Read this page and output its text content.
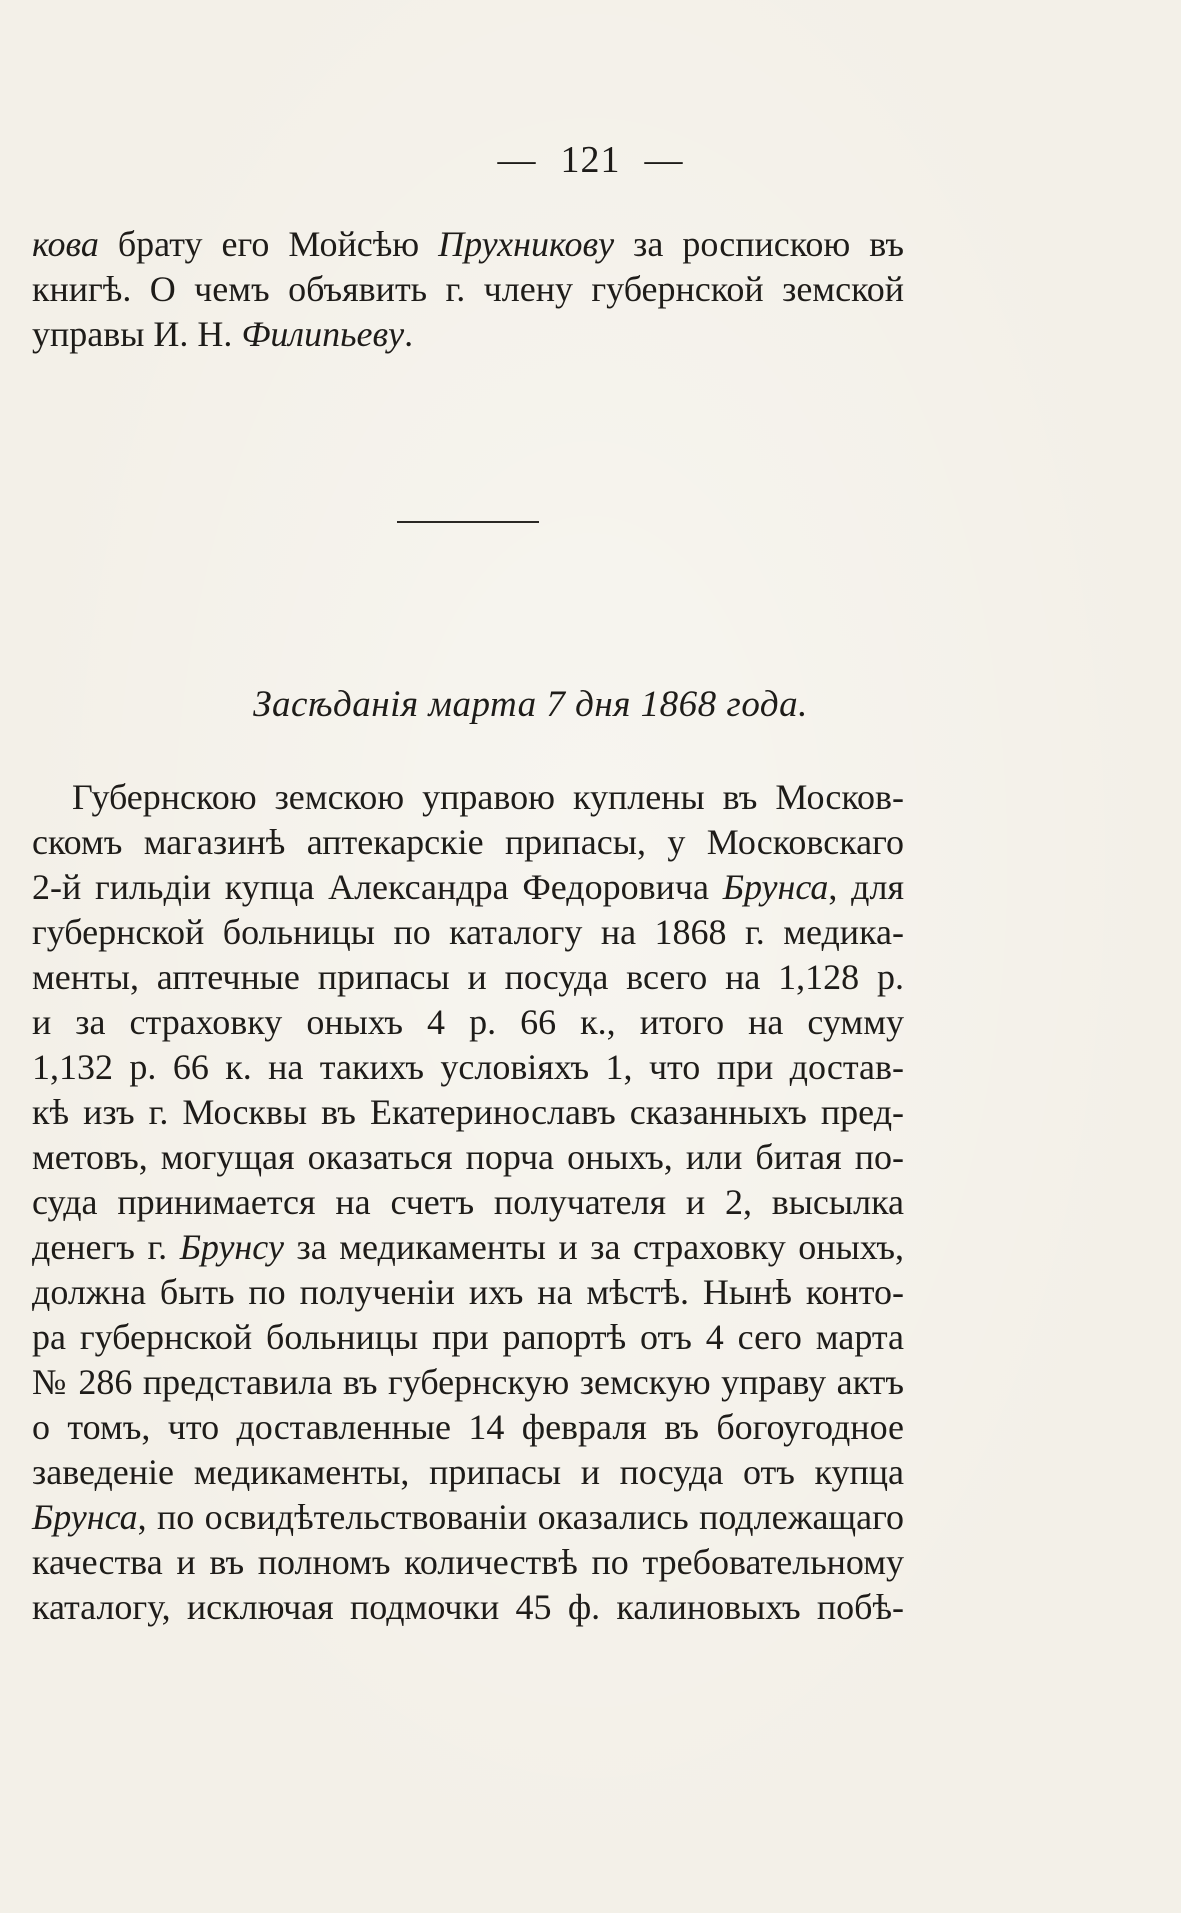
— 121 —
кова брату его Мойсѣю Прухникову за роспискою въ
книгѣ. О чемъ объявить г. члену губернской земской
управы И. Н. Филипьеву.
Засѣданія марта 7 дня 1868 года.
Губернскою земскою управою куплены въ Москов-
скомъ магазинѣ аптекарскіе припасы, у Московскаго
2-й гильдіи купца Александра Федоровича Брунса, для
губернской больницы по каталогу на 1868 г. медика-
менты, аптечные припасы и посуда всего на 1,128 р.
и за страховку оныхъ 4 р. 66 к., итого на сумму
1,132 р. 66 к. на такихъ условіяхъ 1, что при достав-
кѣ изъ г. Москвы въ Екатеринославъ сказанныхъ пред-
метовъ, могущая оказаться порча оныхъ, или битая по-
суда принимается на счетъ получателя и 2, высылка
денегъ г. Брунсу за медикаменты и за страховку оныхъ,
должна быть по полученіи ихъ на мѣстѣ. Нынѣ конто-
ра губернской больницы при рапортѣ отъ 4 сего марта
№ 286 представила въ губернскую земскую управу актъ
о томъ, что доставленные 14 февраля въ богоугодное
заведеніе медикаменты, припасы и посуда отъ купца
Брунса, по освидѣтельствованіи оказались подлежащаго
качества и въ полномъ количествѣ по требовательному
каталогу, исключая подмочки 45 ф. калиновыхъ побѣ-
